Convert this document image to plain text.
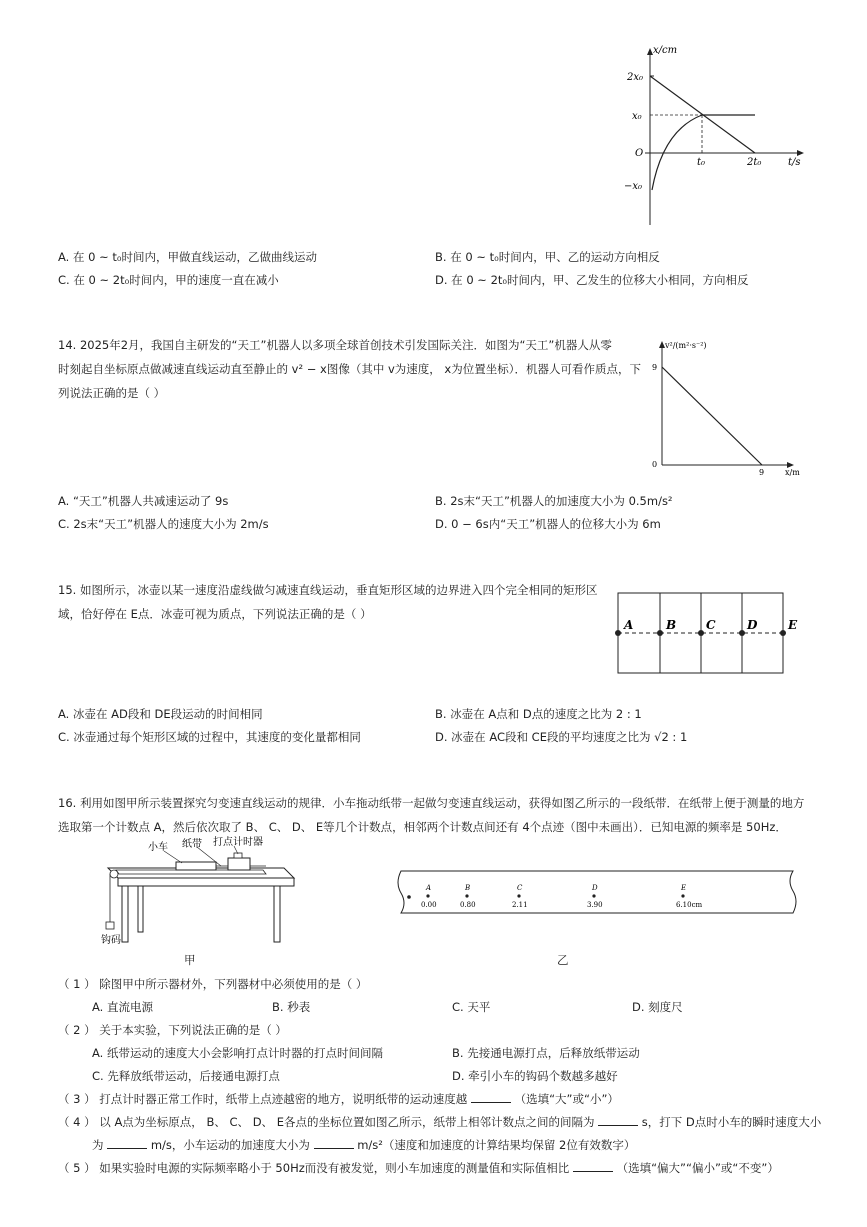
x/cm
t/s
2x₀
x₀
O
−x₀
t₀	2t₀
A. 在 0 ~ t₀时间内，甲做直线运动，乙做曲线运动	B. 在 0 ~ t₀时间内，甲、乙的运动方向相反
C. 在 0 ~ 2t₀时间内，甲的速度一直在减小	D. 在 0 ~ 2t₀时间内，甲、乙发生的位移大小相同，方向相反
14. 2025年2月，我国自主研发的“天工”机器人以多项全球首创技术引发国际关注．如图为“天工”机器人从零
时刻起自坐标原点做减速直线运动直至静止的 v² − x图像（其中 v为速度， x为位置坐标）．机器人可看作质点，下
列说法正确的是（ ）
v²/(m²·s⁻²)
9
0
9	x/m
A. “天工”机器人共减速运动了 9s	B. 2s末“天工”机器人的加速度大小为 0.5m/s²
C. 2s末“天工”机器人的速度大小为 2m/s	D. 0 − 6s内“天工”机器人的位移大小为 6m
15. 如图所示，冰壶以某一速度沿虚线做匀减速直线运动，垂直矩形区域的边界进入四个完全相同的矩形区
域，恰好停在 E点．冰壶可视为质点，下列说法正确的是（ ）
A	B C	D	E
A. 冰壶在 AD段和 DE段运动的时间相同	B. 冰壶在 A点和 D点的速度之比为 2 : 1
C. 冰壶通过每个矩形区域的过程中，其速度的变化量都相同	D. 冰壶在 AC段和 CE段的平均速度之比为 √2 : 1
16. 利用如图甲所示装置探究匀变速直线运动的规律．小车拖动纸带一起做匀变速直线运动，获得如图乙所示的一段纸带．在纸带上便于测量的地方
选取第一个计数点 A，然后依次取了 B、 C、 D、 E等几个计数点，相邻两个计数点间还有 4个点迹（图中未画出）．已知电源的频率是 50Hz．
小车 纸带 打点计时器
钩码
甲
A
0.00
B
0.80
C
2.11
D
3.90
E
6.10cm
乙
（ 1 ） 除图甲中所示器材外，下列器材中必须使用的是（ ）
A. 直流电源	B. 秒表	C. 天平	D. 刻度尺
（ 2 ） 关于本实验，下列说法正确的是（ ）
A. 纸带运动的速度大小会影响打点计时器的打点时间间隔	B. 先接通电源打点，后释放纸带运动
C. 先释放纸带运动，后接通电源打点	D. 牵引小车的钩码个数越多越好
（ 3 ） 打点计时器正常工作时，纸带上点迹越密的地方，说明纸带的运动速度越	（选填“大”或“小”）
（ 4 ） 以 A点为坐标原点， B、 C、 D、 E各点的坐标位置如图乙所示，纸带上相邻计数点之间的间隔为	s，打下 D点时小车的瞬时速度大小
为	m/s，小车运动的加速度大小为	m/s²（速度和加速度的计算结果均保留 2位有效数字）
（ 5 ） 如果实验时电源的实际频率略小于 50Hz而没有被发觉，则小车加速度的测量值和实际值相比	（选填“偏大”“偏小”或“不变”）
